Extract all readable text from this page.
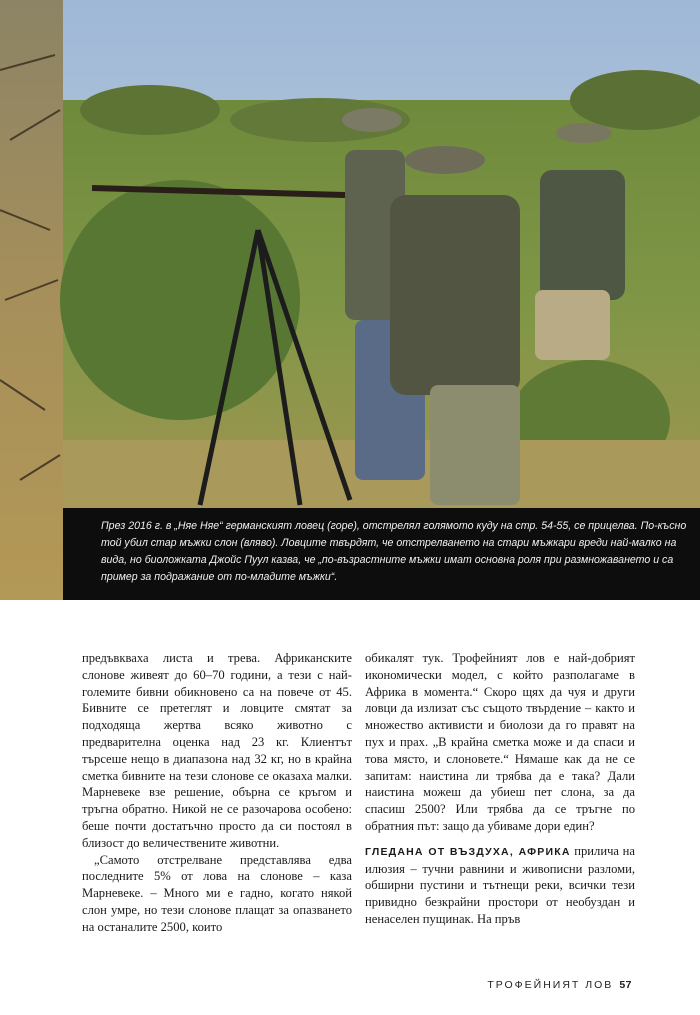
През 2016 г. в „Няе Няе“ германският ловец (горе), отстрелял голямото куду на стр. 54-55, се прицелва. По-късно той убил стар мъжки слон (вляво). Ловците твърдят, че отстрелването на стари мъжкари вреди най-малко на вида, но биоложката Джойс Пуул казва, че „по-възрастните мъжки имат основна роля при размножаването и са пример за подражание от по-младите мъжки“.

предъвкваха листа и трева. Африканските слонове живеят до 60–70 години, а тези с най-големите бивни обикновено са на повече от 45. Бивните се претеглят и ловците смятат за подходяща жертва всяко животно с предварителна оценка над 23 кг. Клиентът търсеше нещо в диапазона над 32 кг, но в крайна сметка бивните на тези слонове се оказаха малки. Марневеке взе решение, обърна се кръгом и тръгна обратно. Никой не се разочарова особено: беше почти достатъчно просто да си постоял в близост до величествените животни.

„Самото отстрелване представлява едва последните 5% от лова на слонове – каза Марневеке. – Много ми е гадно, когато някой слон умре, но тези слонове плащат за опазването на останалите 2500, които

обикалят тук. Трофейният лов е най-добрият икономически модел, с който разполагаме в Африка в момента.“ Скоро щях да чуя и други ловци да излизат със същото твърдение – както и множество активисти и биолози да го правят на пух и прах. „В крайна сметка може и да спаси и това място, и слоновете.“ Нямаше как да не се запитам: наистина ли трябва да е така? Дали наистина можеш да убиеш пет слона, за да спасиш 2500? Или трябва да се тръгне по обратния път: защо да убиваме дори един?

ГЛЕДАНА ОТ ВЪЗДУХА, АФРИКА прилича на илюзия – тучни равнини и живописни разломи, обширни пустини и тътнещи реки, всички тези привидно безкрайни простори от необуздан и ненаселен пущинак. На пръв

ТРОФЕЙНИЯТ ЛОВ 57
